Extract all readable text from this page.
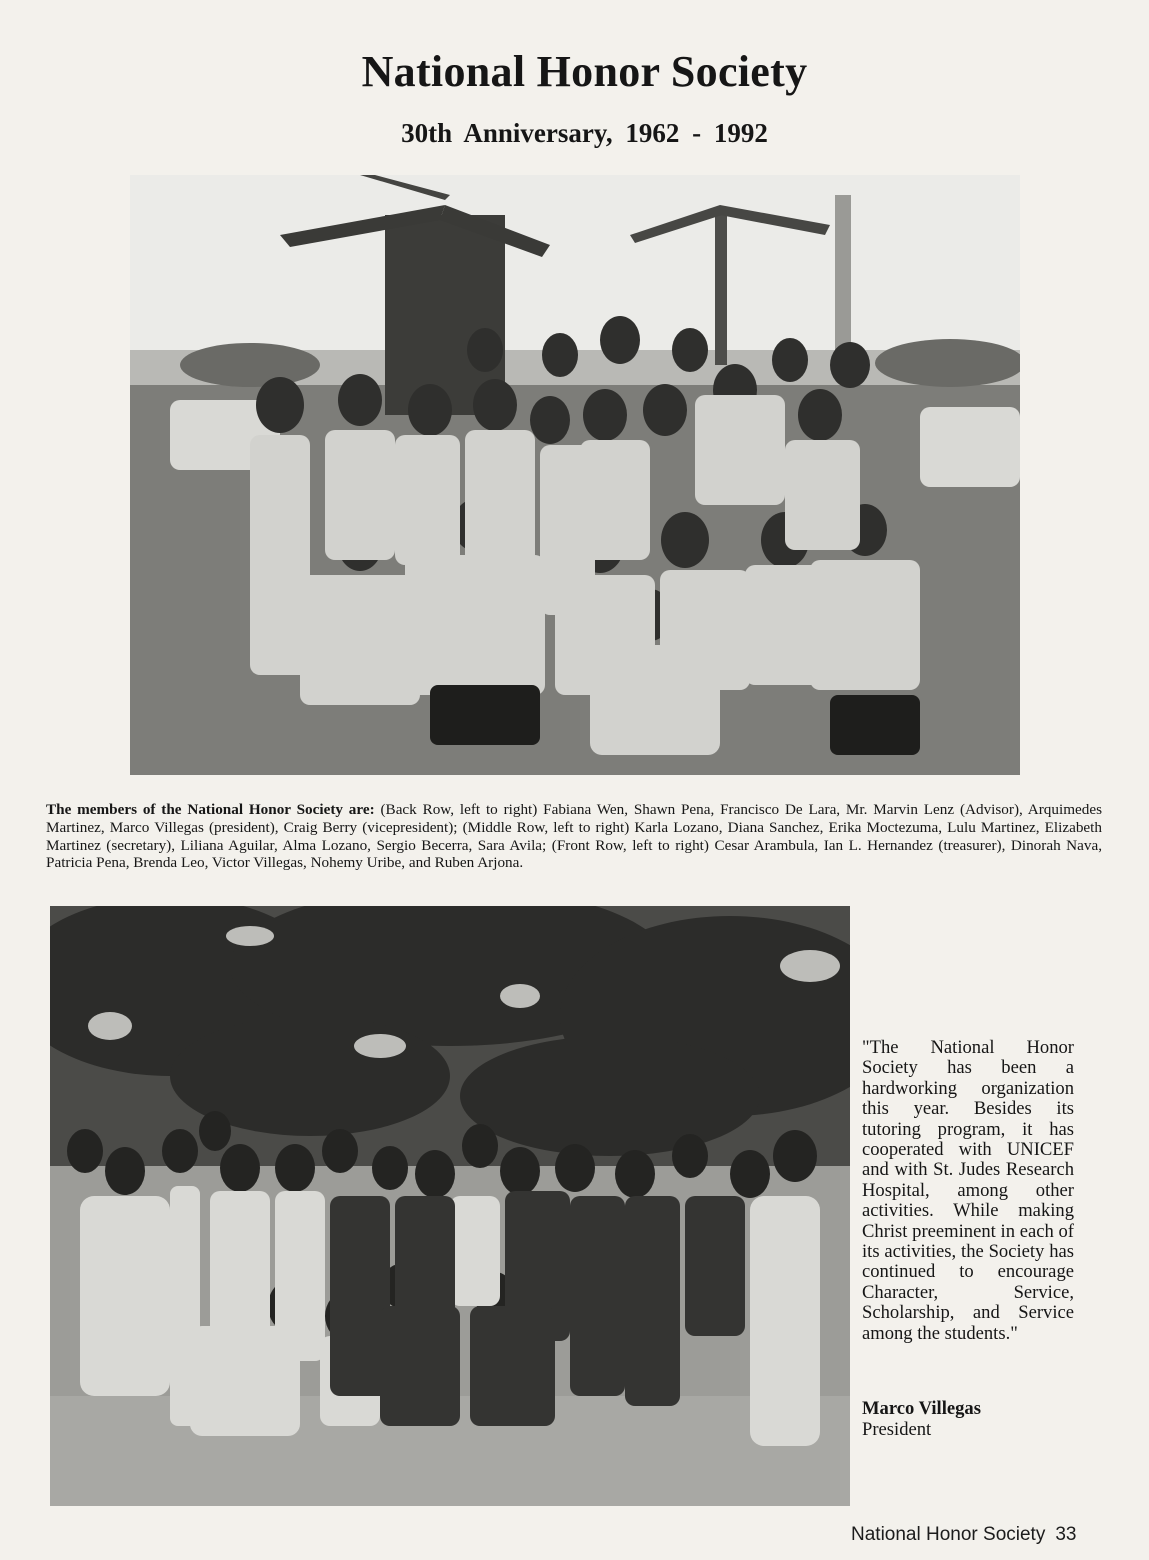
National Honor Society
30th Anniversary, 1962 - 1992
The members of the National Honor Society are: (Back Row, left to right) Fabiana Wen, Shawn Pena, Francisco De Lara, Mr. Marvin Lenz (Advisor), Arquimedes Martinez, Marco Villegas (president), Craig Berry (vicepresident); (Middle Row, left to right) Karla Lozano, Diana Sanchez, Erika Moctezuma, Lulu Martinez, Elizabeth Martinez (secretary), Liliana Aguilar, Alma Lozano, Sergio Becerra, Sara Avila; (Front Row, left to right) Cesar Arambula, Ian L. Hernandez (treasurer), Dinorah Nava, Patricia Pena, Brenda Leo, Victor Villegas, Nohemy Uribe, and Ruben Arjona.
"The National Honor Society has been a hardworking organization this year. Besides its tutoring program, it has cooperated with UNICEF and with St. Judes Research Hospital, among other activities. While making Christ preeminent in each of its activities, the Society has continued to encourage Character, Service, Scholarship, and Service among the students."
Marco Villegas
President
National Honor Society 33
